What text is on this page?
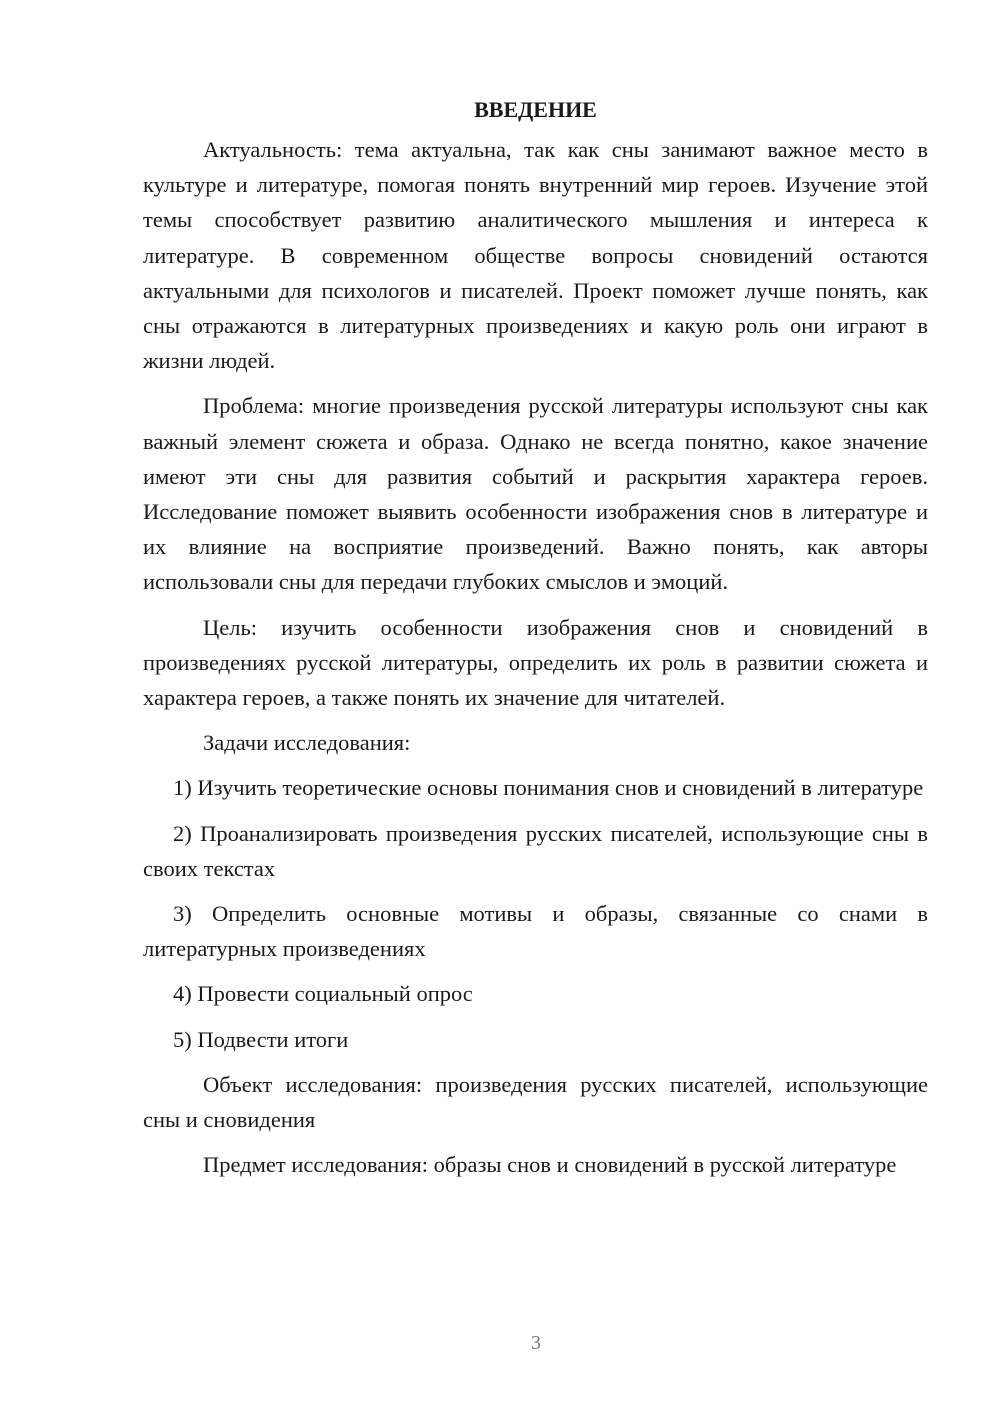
ВВЕДЕНИЕ

Актуальность: тема актуальна, так как сны занимают важное место в культуре и литературе, помогая понять внутренний мир героев. Изучение этой темы способствует развитию аналитического мышления и интереса к литературе. В современном обществе вопросы сновидений остаются актуальными для психологов и писателей. Проект поможет лучше понять, как сны отражаются в литературных произведениях и какую роль они играют в жизни людей.

Проблема: многие произведения русской литературы используют сны как важный элемент сюжета и образа. Однако не всегда понятно, какое значение имеют эти сны для развития событий и раскрытия характера героев. Исследование поможет выявить особенности изображения снов в литературе и их влияние на восприятие произведений. Важно понять, как авторы использовали сны для передачи глубоких смыслов и эмоций.

Цель: изучить особенности изображения снов и сновидений в произведениях русской литературы, определить их роль в развитии сюжета и характера героев, а также понять их значение для читателей.

Задачи исследования:

1) Изучить теоретические основы понимания снов и сновидений в литературе

2) Проанализировать произведения русских писателей, использующие сны в своих текстах

3) Определить основные мотивы и образы, связанные со снами в литературных произведениях

4) Провести социальный опрос

5) Подвести итоги

Объект исследования: произведения русских писателей, использующие сны и сновидения

Предмет исследования: образы снов и сновидений в русской литературе

3
